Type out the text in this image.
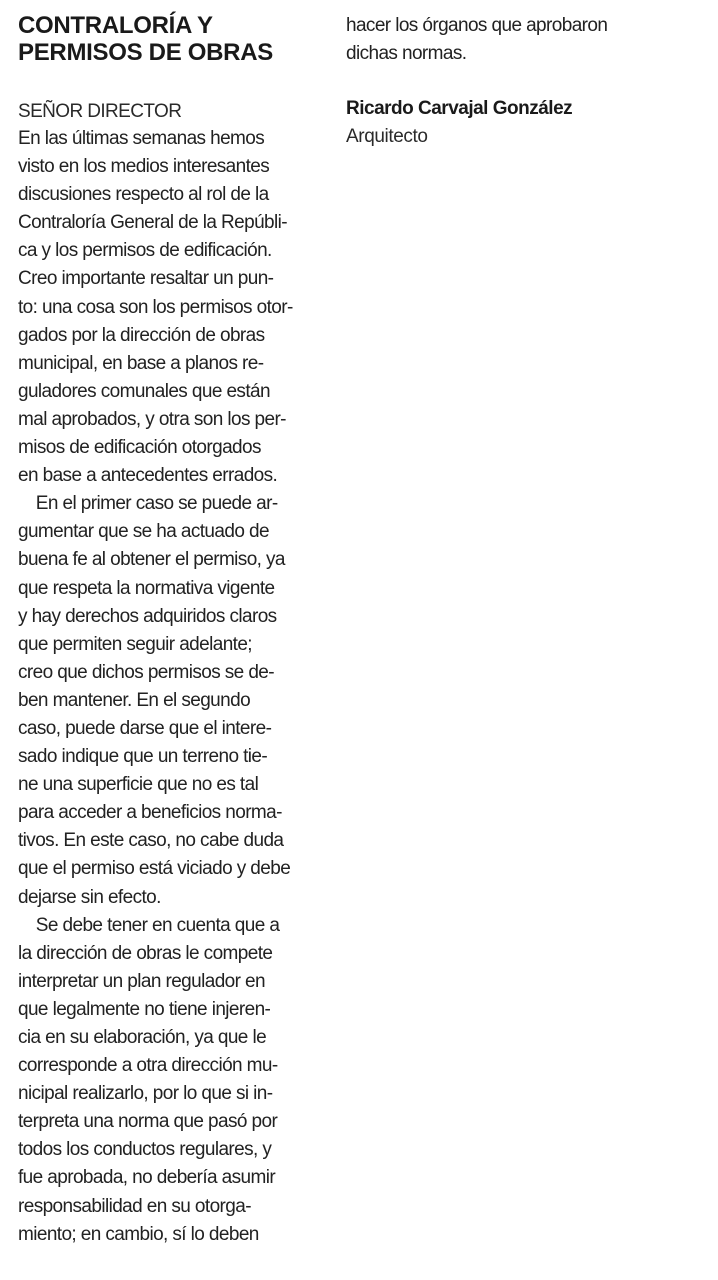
CONTRALORÍA Y
PERMISOS DE OBRAS
SEÑOR DIRECTOR
En las últimas semanas hemos
visto en los medios interesantes
discusiones respecto al rol de la
Contraloría General de la Repúbli-
ca y los permisos de edificación.
Creo importante resaltar un pun-
to: una cosa son los permisos otor-
gados por la dirección de obras
municipal, en base a planos re-
guladores comunales que están
mal aprobados, y otra son los per-
misos de edificación otorgados
en base a antecedentes errados.
  En el primer caso se puede ar-
gumentar que se ha actuado de
buena fe al obtener el permiso, ya
que respeta la normativa vigente
y hay derechos adquiridos claros
que permiten seguir adelante;
creo que dichos permisos se de-
ben mantener. En el segundo
caso, puede darse que el intere-
sado indique que un terreno tie-
ne una superficie que no es tal
para acceder a beneficios norma-
tivos. En este caso, no cabe duda
que el permiso está viciado y debe
dejarse sin efecto.
  Se debe tener en cuenta que a
la dirección de obras le compete
interpretar un plan regulador en
que legalmente no tiene injeren-
cia en su elaboración, ya que le
corresponde a otra dirección mu-
nicipal realizarlo, por lo que si in-
terpreta una norma que pasó por
todos los conductos regulares, y
fue aprobada, no debería asumir
responsabilidad en su otorga-
miento; en cambio, sí lo deben
hacer los órganos que aprobaron
dichas normas.
Ricardo Carvajal González
Arquitecto
